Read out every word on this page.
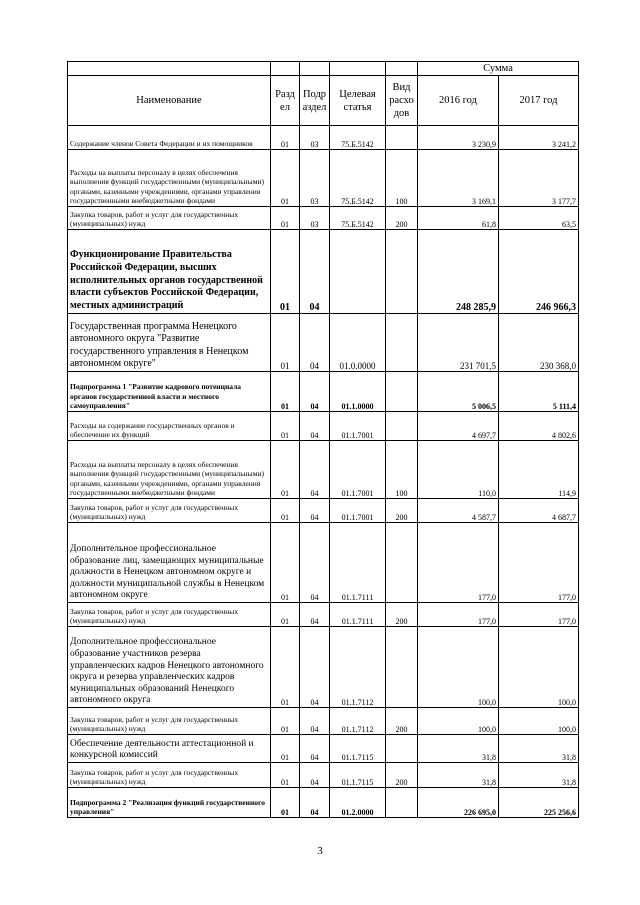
					Сумма	
Наименование	Разд ел	Подр аздел	Целевая статья	Вид расхо дов	2016 год	2017 год
Содержание членов Совета Федерации и их помощников	01	03	75.Б.5142		3 230,9	3 241,2
Расходы на выплаты персоналу в целях обеспечения выполнения функций государственными (муниципальными) органами, казенными учреждениями, органами управления государственными внебюджетными фондами	01	03	75.Б.5142	100	3 169,1	3 177,7
Закупка товаров, работ и услуг для государственных (муниципальных) нужд	01	03	75.Б.5142	200	61,8	63,5
Функционирование Правительства Российской Федерации, высших исполнительных органов государственной власти субъектов Российской Федерации, местных администраций	01	04			248 285,9	246 966,3
Государственная программа Ненецкого автономного округа "Развитие государственного управления в Ненецком автономном округе"	01	04	01.0.0000		231 701,5	230 368,0
Подпрограмма 1 "Развитие кадрового потенциала органов государственной власти и местного самоуправления"	01	04	01.1.0000		5 006,5	5 111,4
Расходы на содержание государственных органов и обеспечение их функций	01	04	01.1.7001		4 697,7	4 802,6
Расходы на выплаты персоналу в целях обеспечения выполнения функций государственными (муниципальными) органами, казенными учреждениями, органами управления государственными внебюджетными фондами	01	04	01.1.7001	100	110,0	114,9
Закупка товаров, работ и услуг для государственных (муниципальных) нужд	01	04	01.1.7001	200	4 587,7	4 687,7
Дополнительное профессиональное образование лиц, замещающих муниципальные должности в Ненецком автономном округе и должности муниципальной службы в Ненецком автономном округе	01	04	01.1.7111		177,0	177,0
Закупка товаров, работ и услуг для государственных (муниципальных) нужд	01	04	01.1.7111	200	177,0	177,0
Дополнительное профессиональное образование участников резерва управленческих кадров Ненецкого автономного округа и резерва управленческих кадров муниципальных образований Ненецкого автономного округа	01	04	01.1.7112		100,0	100,0
Закупка товаров, работ и услуг для государственных (муниципальных) нужд	01	04	01.1.7112	200	100,0	100,0
Обеспечение деятельности аттестационной и конкурсной комиссий	01	04	01.1.7115		31,8	31,8
Закупка товаров, работ и услуг для государственных (муниципальных) нужд	01	04	01.1.7115	200	31,8	31,8
Подпрограмма 2 "Реализация функций государственного управления"	01	04	01.2.0000		226 695,0	225 256,6
3
